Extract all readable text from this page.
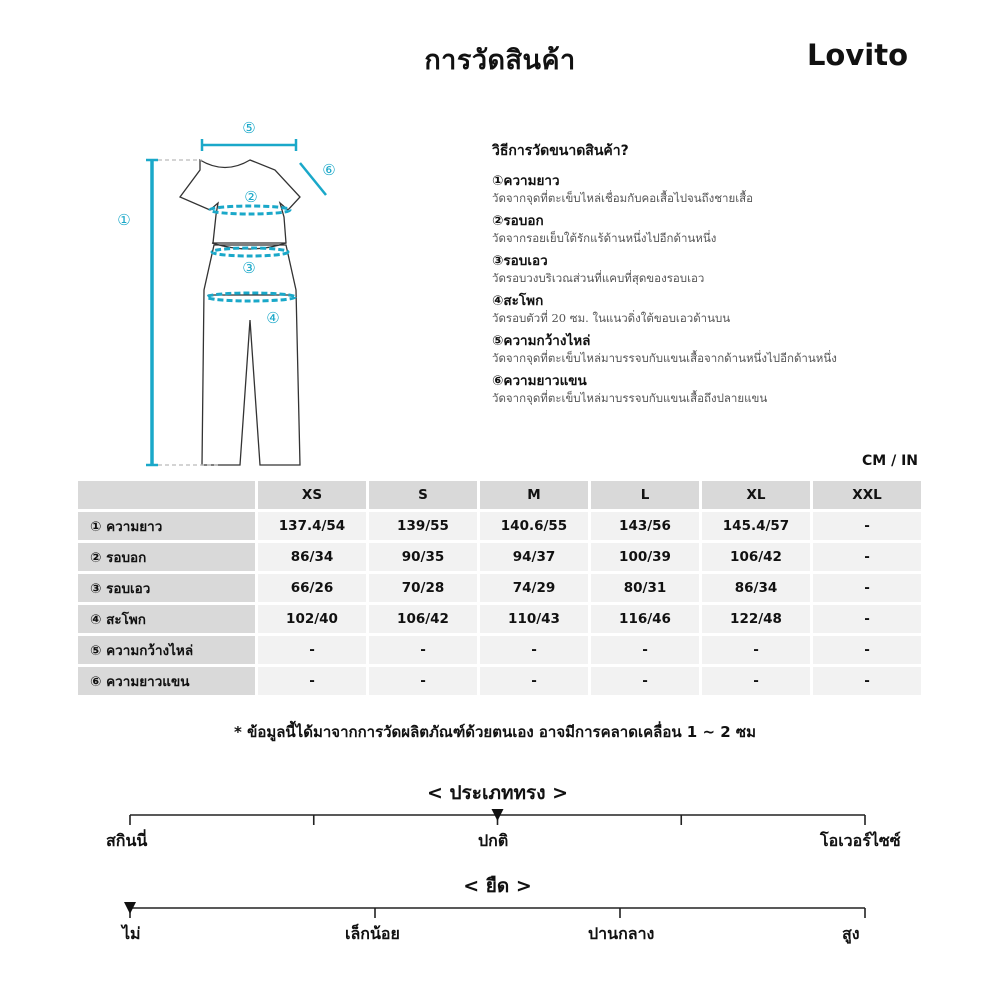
การวัดสินค้า	Lovito
①
②
③
④
⑤
⑥
วิธีการวัดขนาดสินค้า?
①ความยาว
วัดจากจุดที่ตะเข็บไหล่เชื่อมกับคอเสื้อไปจนถึงชายเสื้อ
②รอบอก
วัดจากรอยเย็บใต้รักแร้ด้านหนึ่งไปอีกด้านหนึ่ง
③รอบเอว
วัดรอบวงบริเวณส่วนที่แคบที่สุดของรอบเอว
④สะโพก
วัดรอบตัวที่ 20 ซม. ในแนวดิ่งใต้ขอบเอวด้านบน
⑤ความกว้างไหล่
วัดจากจุดที่ตะเข็บไหล่มาบรรจบกับแขนเสื้อจากด้านหนึ่งไปอีกด้านหนึ่ง
⑥ความยาวแขน
วัดจากจุดที่ตะเข็บไหล่มาบรรจบกับแขนเสื้อถึงปลายแขน
CM / IN
	XS	S	M	L	XL	XXL
① ความยาว	137.4/54	139/55	140.6/55	143/56	145.4/57	-
② รอบอก	86/34	90/35	94/37	100/39	106/42	-
③ รอบเอว	66/26	70/28	74/29	80/31	86/34	-
④ สะโพก	102/40	106/42	110/43	116/46	122/48	-
⑤ ความกว้างไหล่	-	-	-	-	-	-
⑥ ความยาวแขน	-	-	-	-	-	-
* ข้อมูลนี้ได้มาจากการวัดผลิตภัณฑ์ด้วยตนเอง อาจมีการคลาดเคลื่อน 1 ~ 2 ซม
< ประเภททรง >
สกินนี่	ปกติ	โอเวอร์ไซซ์
< ยืด >
ไม่	เล็กน้อย	ปานกลาง	สูง
